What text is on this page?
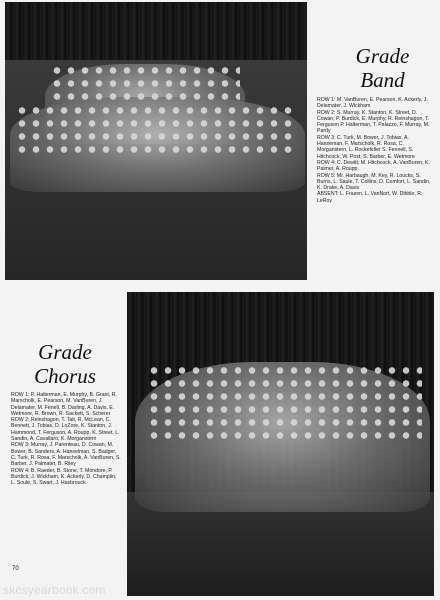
Grade
Band

ROW 1: M. VanBuren, E. Pearson, K. Ackerly, J. Delamater, J. Wickham

ROW 2: S. Murray, K. Stanton, K. Street, D. Cowan, P. Burdick, E. Murphy, R. Reinshagon, T. Ferguson P. Halterman, T. Palazzo, F. Murray, M. Pardy

ROW 3: C. Turk, M. Bower, J. Tobias, A. Hanseman, F. Marscholk, R. Rosa, C. Morganstern, L. Rockefeller S. Fennell, S. Hitchcock, W. Post, S. Barber, E. Wetmore

ROW 4: C. Dewitt, M. Hitchcock, A. VanBuren, K. Palmer, A. Roupp

ROW 5: Mr. Harbaugh, M. Key, R. Loucks, S. Burns, L. Saule, T. Collins, D. Comfort, L. Sandin, K. Drake, A. Davis

ABSENT: L. Frazen, L. VanNort, W. Dibble, R. LeRoy

Grade
Chorus

ROW 1: P. Halterman, E. Murphy, B. Grant, R. Marscholk, E. Pearson, M. VanBuren, J. Delamater, M. Fenell, B. Darling, A. Davis, E. Wetmore, R. Brown, R. Sackett, S. Scherer

ROW 2: Reinshagon, T. Tait, R. McLean, C. Bennett, J. Tobias, D. LoZore, K. Stanton, J. Hammond, T. Ferguson, A. Roupp, K. Street, L. Sandin, A. Cavallaro, K. Morganstern

ROW 3: Murray, J. Parenteau, D. Cowan, M. Bower, B. Sanders, A. Hanselman, S. Badger, C. Turk, R. Rosa, F. Marscholk, A. VanBuren, S. Barber, J. Palmater, B. Riley

ROW 4: B. Raeder, B. Stone, T. Mondore, P. Burdick, J. Wickham, K. Ackerly, D. Champlin, L. Soule, S. Swart, J. Hasbrouck

70
skcsyearbook.com
